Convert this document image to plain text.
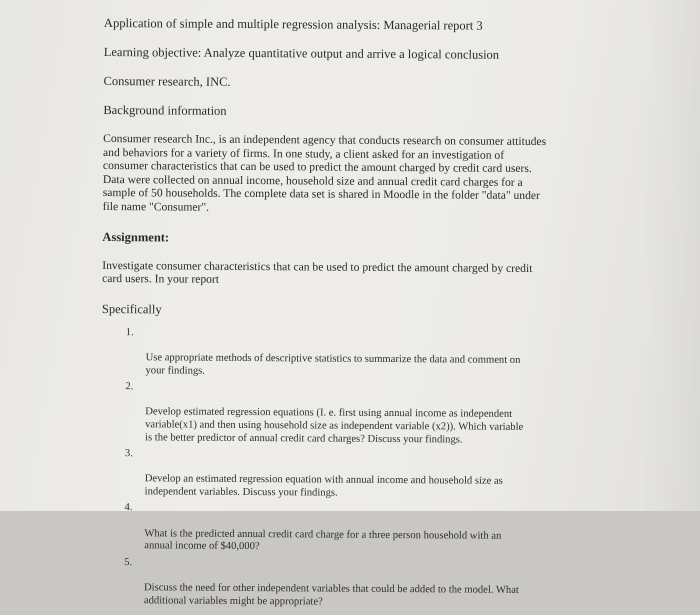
Application of simple and multiple regression analysis: Managerial report 3

Learning objective: Analyze quantitative output and arrive a logical conclusion

Consumer research, INC.

Background information

Consumer research Inc., is an independent agency that conducts research on consumer attitudes
and behaviors for a variety of firms. In one study, a client asked for an investigation of
consumer characteristics that can be used to predict the amount charged by credit card users.
Data were collected on annual income, household size and annual credit card charges for a
sample of 50 households. The complete data set is shared in Moodle in the folder "data" under
file name "Consumer".

Assignment:

Investigate consumer characteristics that can be used to predict the amount charged by credit
card users. In your report

Specifically

1.

Use appropriate methods of descriptive statistics to summarize the data and comment on
your findings.

2.

Develop estimated regression equations (I. e. first using annual income as independent
variable(x1) and then using household size as independent variable (x2)). Which variable
is the better predictor of annual credit card charges? Discuss your findings.

3.

Develop an estimated regression equation with annual income and household size as
independent variables. Discuss your findings.

4.

What is the predicted annual credit card charge for a three person household with an
annual income of $40,000?

5.

Discuss the need for other independent variables that could be added to the model. What
additional variables might be appropriate?
